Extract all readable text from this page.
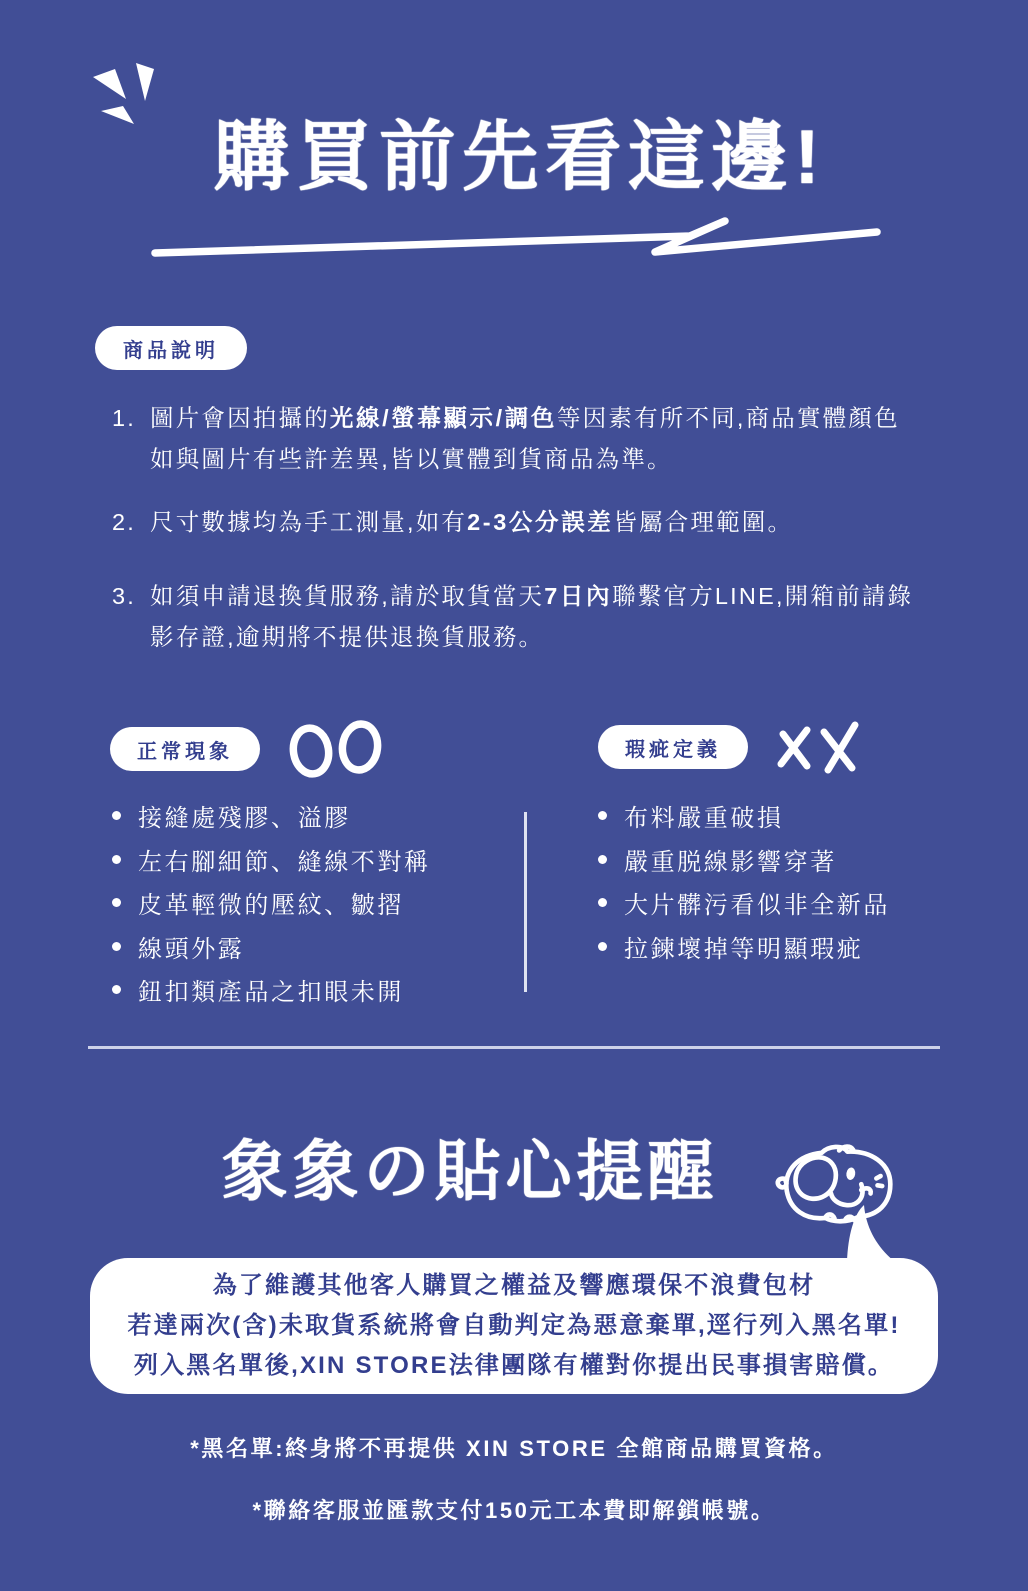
購買前先看這邊!
商品說明
1. 圖片會因拍攝的光線/螢幕顯示/調色等因素有所不同,商品實體顏色如與圖片有些許差異,皆以實體到貨商品為準。
2. 尺寸數據均為手工測量,如有2-3公分誤差皆屬合理範圍。
3. 如須申請退換貨服務,請於取貨當天7日內聯繫官方LINE,開箱前請錄影存證,逾期將不提供退換貨服務。
正常現象	瑕疵定義
接縫處殘膠、溢膠
左右腳細節、縫線不對稱
皮革輕微的壓紋、皺摺
線頭外露
鈕扣類產品之扣眼未開
布料嚴重破損
嚴重脱線影響穿著
大片髒污看似非全新品
拉鍊壞掉等明顯瑕疵
象象の貼心提醒
為了維護其他客人購買之權益及響應環保不浪費包材
若達兩次(含)未取貨系統將會自動判定為惡意棄單,逕行列入黑名單!
列入黑名單後,XIN STORE法律團隊有權對你提出民事損害賠償。
*黑名單:終身將不再提供 XIN STORE 全館商品購買資格。
*聯絡客服並匯款支付150元工本費即解鎖帳號。
